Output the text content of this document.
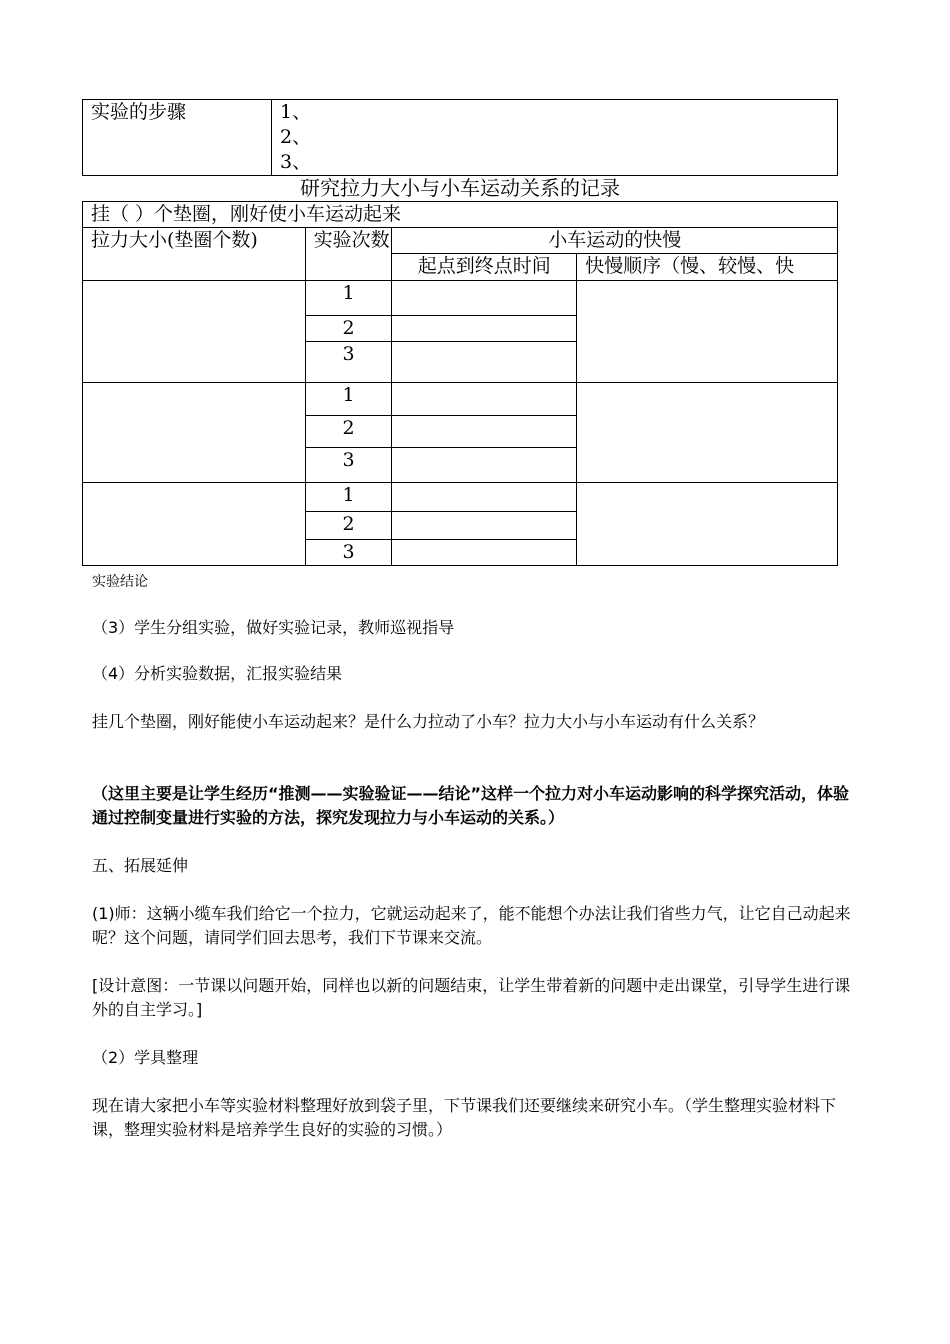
实验的步骤	1、
2、
3、
研究拉力大小与小车运动关系的记录
挂（ ）个垫圈，刚好使小车运动起来			
拉力大小(垫圈个数)	实验次数	小车运动的快慢	
		起点到终点时间	快慢顺序（慢、较慢、快
	1		
	2		
	3		
	1		
	2		
	3		
	1		
	2		
	3		
实验结论
（3）学生分组实验，做好实验记录，教师巡视指导
（4）分析实验数据，汇报实验结果
挂几个垫圈，刚好能使小车运动起来？是什么力拉动了小车？拉力大小与小车运动有什么关系？
（这里主要是让学生经历“推测——实验验证——结论”这样一个拉力对小车运动影响的科学探究活动，体验通过控制变量进行实验的方法，探究发现拉力与小车运动的关系。）
五、拓展延伸
(1)师：这辆小缆车我们给它一个拉力，它就运动起来了，能不能想个办法让我们省些力气，让它自己动起来呢？这个问题，请同学们回去思考，我们下节课来交流。
[设计意图：一节课以问题开始，同样也以新的问题结束，让学生带着新的问题中走出课堂，引导学生进行课外的自主学习。]
（2）学具整理
现在请大家把小车等实验材料整理好放到袋子里，下节课我们还要继续来研究小车。（学生整理实验材料下课，整理实验材料是培养学生良好的实验的习惯。）
